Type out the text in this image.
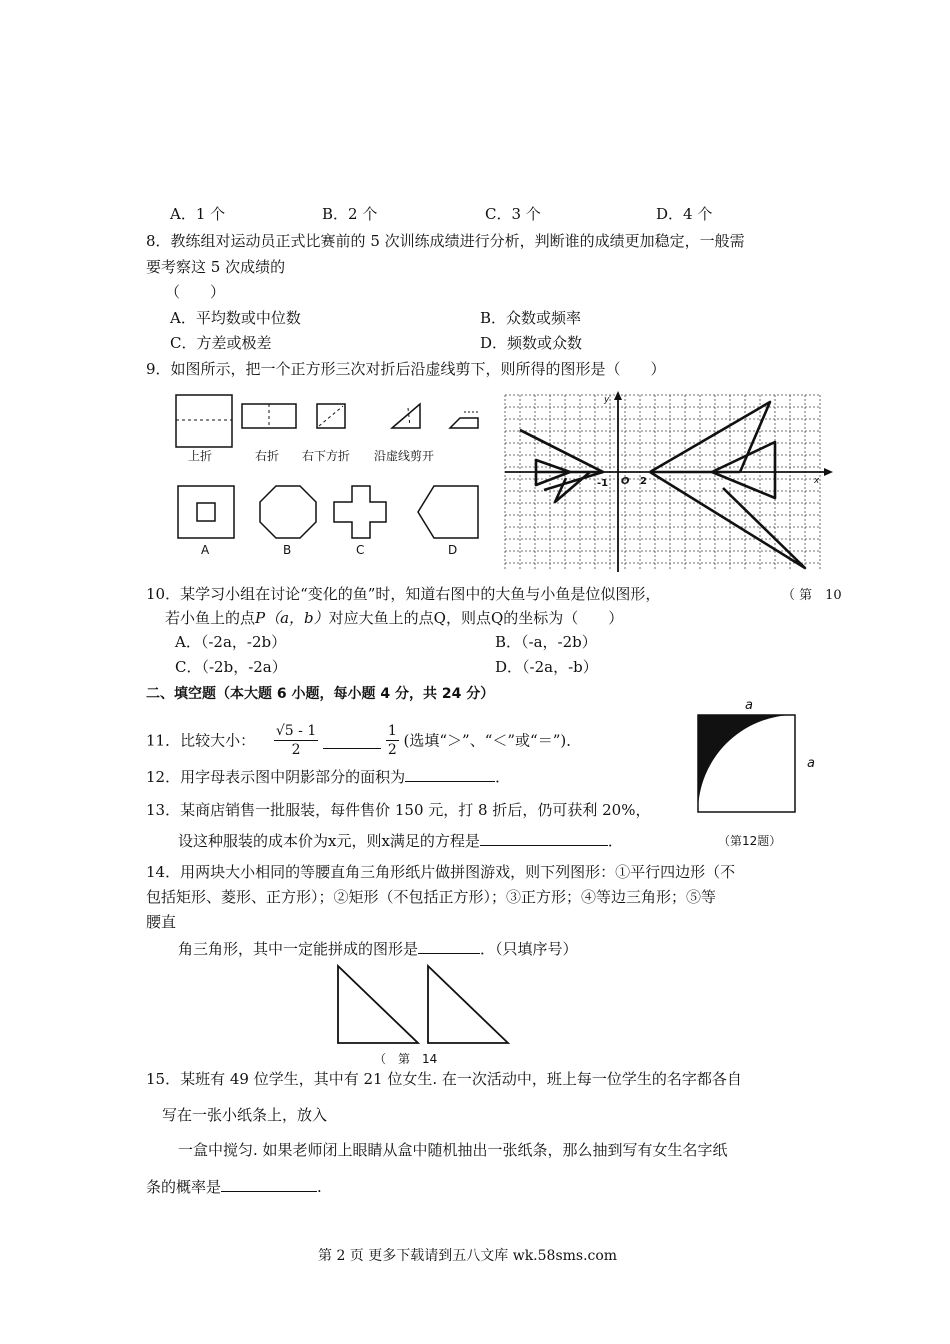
A．1 个	B．2 个	C．3 个	D．4 个
8．教练组对运动员正式比赛前的 5 次训练成绩进行分析，判断谁的成绩更加稳定，一般需
要考察这 5 次成绩的
（　　）
A．平均数或中位数	B．众数或频率
C．方差或极差	D．频数或众数
9．如图所示，把一个正方形三次对折后沿虚线剪下，则所得的图形是（　　）
上折	右折 右下方折 沿虚线剪开
A	B	C	D
x
y
O
-1	2
10．某学习小组在讨论“变化的鱼”时，知道右图中的大鱼与小鱼是位似图形，	（ 第　10
若小鱼上的点P（a，b）对应大鱼上的点Q，则点Q的坐标为（　　）
A．（-2a，-2b）	B．（-a，-2b）
C．（-2b，-2a）	D．（-2a，-b）
二、填空题（本大题 6 小题，每小题 4 分，共 24 分）
11．比较大小： $\frac{√5 - 1}{2}$
	$\frac{1}{2}$ (选填“＞”、“＜”或“＝”)．
a
a
（第12题）
12．用字母表示图中阴影部分的面积为	．
13．某商店销售一批服装，每件售价 150 元，打 8 折后，仍可获利 20%，
设这种服装的成本价为x元，则x满足的方程是	．
14．用两块大小相同的等腰直角三角形纸片做拼图游戏，则下列图形：①平行四边形（不
包括矩形、菱形、正方形）；②矩形（不包括正方形）；③正方形；④等边三角形；⑤等
腰直
角三角形，其中一定能拼成的图形是	．（只填序号）
（　第　14
15．某班有 49 位学生，其中有 21 位女生. 在一次活动中，班上每一位学生的名字都各自
写在一张小纸条上，放入
一盒中搅匀. 如果老师闭上眼睛从盒中随机抽出一张纸条，那么抽到写有女生名字纸
条的概率是	.
第 2 页 更多下载请到五八文库 wk.58sms.com
